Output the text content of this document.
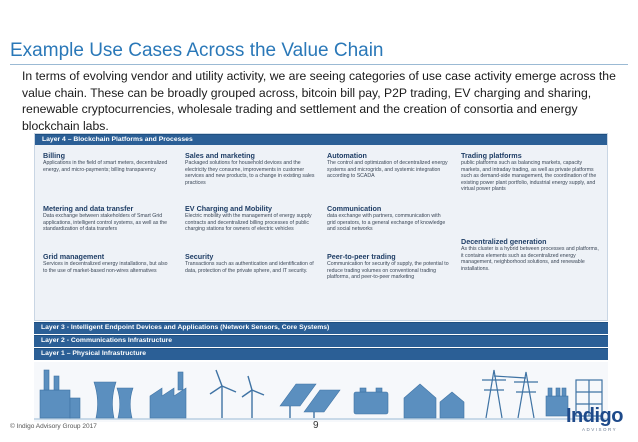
Example Use Cases Across the Value Chain

In terms of evolving vendor and utility activity, we are seeing categories of use case activity emerge across the value chain. These can be broadly grouped across, bitcoin bill pay, P2P trading, EV charging and sharing, renewable cryptocurrencies, wholesale trading and settlement and the creation of consortia and energy blockchain labs.

Layer 4 – Blockchain Platforms and Processes
Billing
Applications in the field of smart meters, decentralized energy, and micro-payments; billing transparency
Sales and marketing
Packaged solutions for household devices and the electricity they consume, improvements in customer services and new products, to a change in existing sales practices
Automation
The control and optimization of decentralized energy systems and microgrids, and systemic integration according to SCADA
Trading platforms
public platforms such as balancing markets, capacity markets, and intraday trading, as well as private platforms such as demand-side management, the coordination of the existing power plant portfolio, industrial energy supply, and virtual power plants
Metering and data transfer
Data exchange between stakeholders of Smart Grid applications, intelligent control systems, as well as the standardization of data transfers
EV Charging and Mobility
Electric mobility with the management of energy supply contracts and decentralized billing processes of public charging stations for owners of electric vehicles
Communication
data exchange with partners, communication with grid operators, to a general exchange of knowledge and social networks
Grid management
Services in decentralized energy installations, but also to the use of market-based non-wires alternatives
Security
Transactions such as authentication and identification of data, protection of the private sphere, and IT security.
Peer-to-peer trading
Communication for security of supply, the potential to reduce trading volumes on conventional trading platforms, and peer-to-peer marketing
Decentralized generation
As this cluster is a hybrid between processes and platforms, it contains elements such as decentralized energy management, neighborhood solutions, and renewable installations.
Layer 3 - Intelligent Endpoint Devices and Applications (Network Sensors, Core Systems)
Layer 2 - Communications Infrastructure
Layer 1 – Physical Infrastructure
© Indigo Advisory Group 2017	9	Indigo
ADVISORY
